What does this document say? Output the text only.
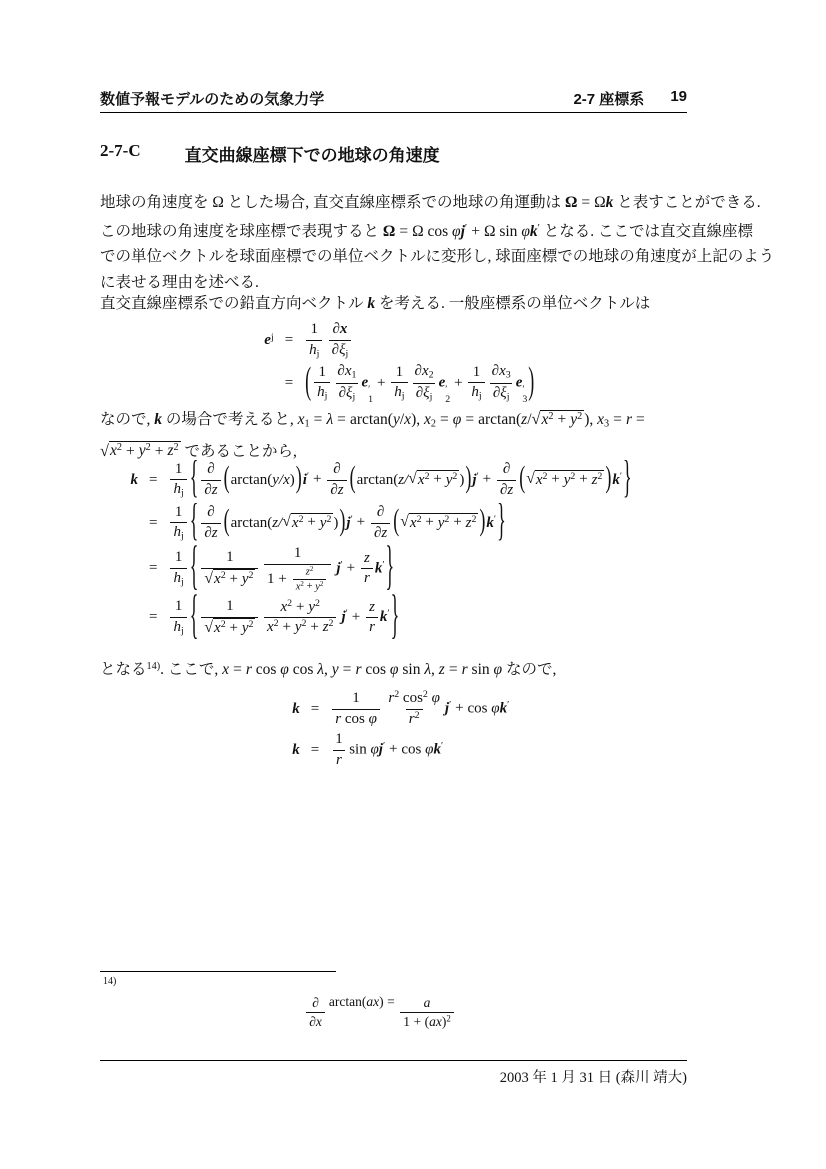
数値予報モデルのための気象力学	2-7 座標系 19
2-7-C	直交曲線座標下での地球の角速度
地球の角速度を Ω とした場合, 直交直線座標系での地球の角運動は Ω = Ωk と表すことができる.
この地球の角速度を球座標で表現すると Ω = Ω cos φj′ + Ω sin φk′ となる. ここでは直交直線座標
での単位ベクトルを球面座標での単位ベクトルに変形し, 球面座標での地球の角速度が上記のよう
に表せる理由を述べる.
直交直線座標系での鉛直方向ベクトル k を考える. 一般座標系の単位ベクトルは
e $j = \frac{1}{hj} \frac{\partial x}{\partial\xi j}$
= ( $\frac{1}{hj} \frac{\partial x1}{\partial\xi j}$ e ′
1
+ $\frac{1}{hj} \frac{\partial x2}{\partial\xi j}$ e ′
2
+ $\frac{1}{hj} \frac{\partial x3}{\partial\xi j}$ e ′
3 )
なので, k の場合で考えると, x1 = λ = arctan(y/x), $x2 = \varphi = \arctan(z/√x^2 + y^2$ ), x3 = r =
$√x^2 + y^2 + z^2$ であることから,
$k = \frac{1}{hj}$ { ∂
∂z (arctan(y/x))i′ +
∂
∂z ($\arctan(z/√x^2 + y^2$ ))j′ +
∂
∂z ($√x^2 + y^2 + z^2$ )k′}
= $\frac{1}{hj}$ { ∂
∂z ($\arctan(z/√x^2 + y^2$ ))j′ +
∂
∂z ($√x^2 + y^2 + z^2$ )k′}
= $\frac{1}{hj}$ { $\frac{1}{√x^2 + y^2} \frac{1}{1 + \frac{z^2}{x^2 + y^2}} j' + \frac{z}{r} k'$}
= $\frac{1}{hj}$ { $\frac{1}{√x^2 + y^2} \frac{x^2 + y^2}{x^2 + y^2 + z^2} j' + \frac{z}{r} k'$}
となる$^{14)}$. ここで, x = r cos φ cos λ, y = r cos φ sin λ, z = r sin φ なので,
$k = \frac{1}{\text{r cos φ}} \frac{r^2 \cos^2 \varphi}{r^2} j' + \cos \varphi k'$
$k = \frac{1}{r}$ sin φj′ + cos φk′
14)
∂
∂x
arctan( ax ) = $\frac{a}{1 + (ax)^2}$
2003 年 1 月 31 日 (森川 靖大)
